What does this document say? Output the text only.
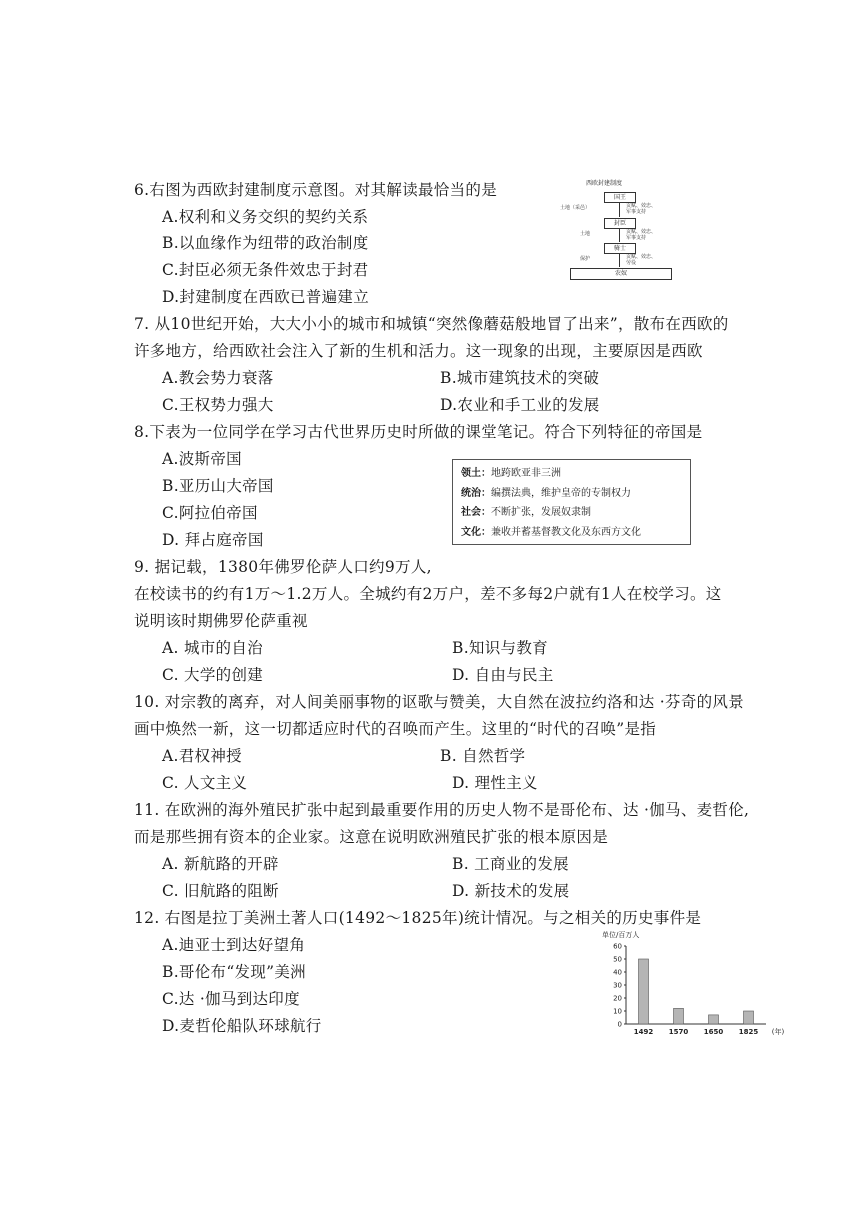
6.右图为西欧封建制度示意图。对其解读最恰当的是
A.权利和义务交织的契约关系
B.以血缘作为纽带的政治制度
C.封臣必须无条件效忠于封君
D.封建制度在西欧已普遍建立
西欧封建制度
国王
土地（采邑）	贡赋、效忠、军事支持
封臣
土地	贡赋、效忠、军事支持
骑士
保护	贡赋、效忠、劳役
农奴
7. 从10世纪开始，大大小小的城市和城镇“突然像蘑菇般地冒了出来”，散布在西欧的
许多地方，给西欧社会注入了新的生机和活力。这一现象的出现，主要原因是西欧
A.教会势力衰落	B.城市建筑技术的突破
C.王权势力强大	D.农业和手工业的发展
8.下表为一位同学在学习古代世界历史时所做的课堂笔记。符合下列特征的帝国是
A.波斯帝国
B.亚历山大帝国
C.阿拉伯帝国
D. 拜占庭帝国
领土：地跨欧亚非三洲
统治：编撰法典，维护皇帝的专制权力
社会：不断扩张，发展奴隶制
文化：兼收并蓄基督教文化及东西方文化
9. 据记载，1380年佛罗伦萨人口约9万人,
在校读书的约有1万～1.2万人。全城约有2万户，差不多每2户就有1人在校学习。这
说明该时期佛罗伦萨重视
A. 城市的自治	B.知识与教育
C. 大学的创建	D. 自由与民主
10. 对宗教的离弃，对人间美丽事物的讴歌与赞美，大自然在波拉约洛和达 ·芬奇的风景
画中焕然一新，这一切都适应时代的召唤而产生。这里的“时代的召唤”是指
A.君权神授	B. 自然哲学
C. 人文主义	D. 理性主义
11. 在欧洲的海外殖民扩张中起到最重要作用的历史人物不是哥伦布、达 ·伽马、麦哲伦,
而是那些拥有资本的企业家。这意在说明欧洲殖民扩张的根本原因是
A. 新航路的开辟	B. 工商业的发展
C. 旧航路的阻断	D. 新技术的发展
12. 右图是拉丁美洲土著人口(1492～1825年)统计情况。与之相关的历史事件是
A.迪亚士到达好望角
B.哥伦布“发现”美洲
C.达 ·伽马到达印度
D.麦哲伦船队环球航行
单位/百万人
0
10
20
30
40
50
60
1492 1570 1650 1825 (年)
